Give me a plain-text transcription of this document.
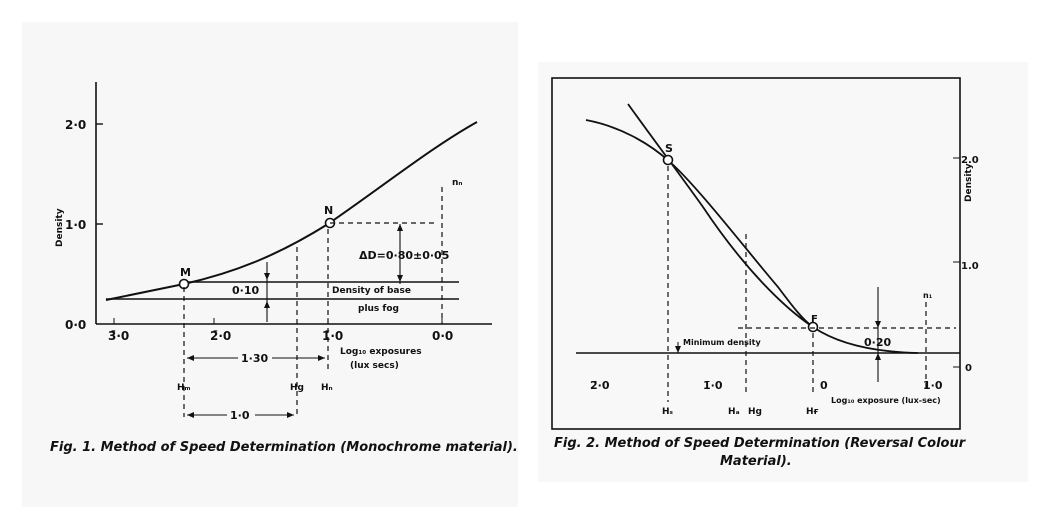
2·0
1·0
0·0
Density
3̄·0	2̄·0	1̄·0	0·0
M
N
0·10
ΔD=0·80±0·05
Density of base
plus fog
nₙ
Log₁₀ exposures
(lux secs)
1·30
Hₘ	Hg Hₙ
1·0
Fig. 1. Method of Speed Determination (Monochrome material).
2.0
1.0
0
Density
Minimum density
S
F
0·20
n₁
2̄·0	1̄·0	0	1·0
Log₁₀ exposure (lux-sec)
Hₛ	Hₐ Hg	Hғ
Fig. 2. Method of Speed Determination (Reversal Colour
Material).
